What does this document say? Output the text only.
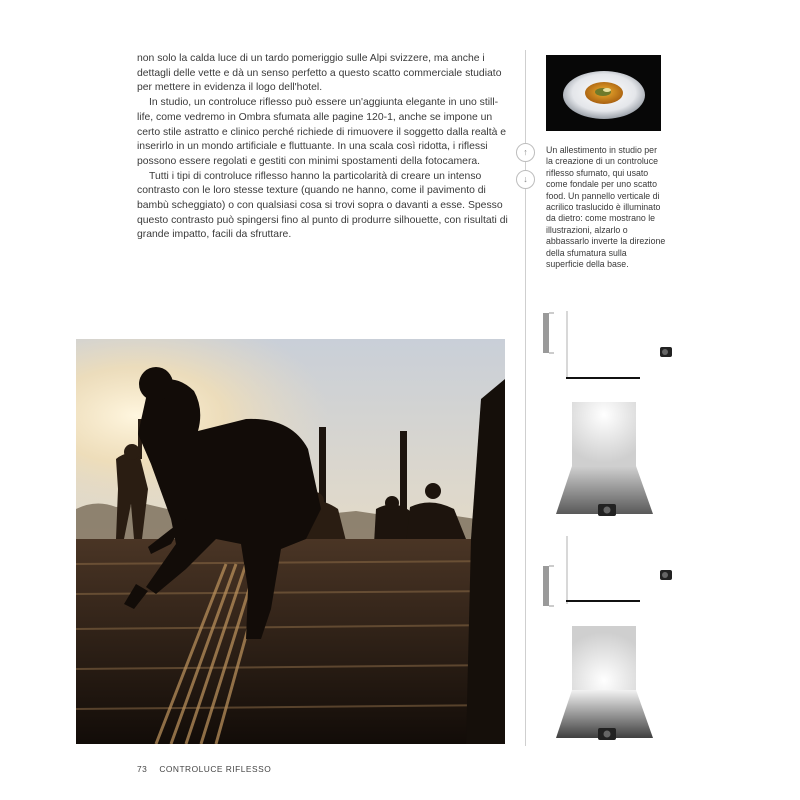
non solo la calda luce di un tardo pomeriggio sulle Alpi svizzere, ma anche i dettagli delle vette e dà un senso perfetto a questo scatto commerciale studiato per mettere in evidenza il logo dell'hotel.

In studio, un controluce riflesso può essere un'aggiunta elegante in uno still-life, come vedremo in Ombra sfumata alle pagine 120-1, anche se impone un certo stile astratto e clinico perché richiede di rimuovere il soggetto dalla realtà e inserirlo in un mondo artificiale e fluttuante. In una scala così ridotta, i riflessi possono essere regolati e gestiti con minimi spostamenti della fotocamera.

Tutti i tipi di controluce riflesso hanno la particolarità di creare un intenso contrasto con le loro stesse texture (quando ne hanno, come il pavimento di bambù scheggiato) o con qualsiasi cosa si trovi sopra o davanti a esse. Spesso questo contrasto può spingersi fino al punto di produrre silhouette, con risultati di grande impatto, facili da sfruttare.

↑
↓
Un allestimento in studio per la creazione di un controluce riflesso sfumato, qui usato come fondale per uno scatto food. Un pannello verticale di acrilico traslucido è illuminato da dietro: come mostrano le illustrazioni, alzarlo o abbassarlo inverte la direzione della sfumatura sulla superficie della base.
73 CONTROLUCE RIFLESSO
